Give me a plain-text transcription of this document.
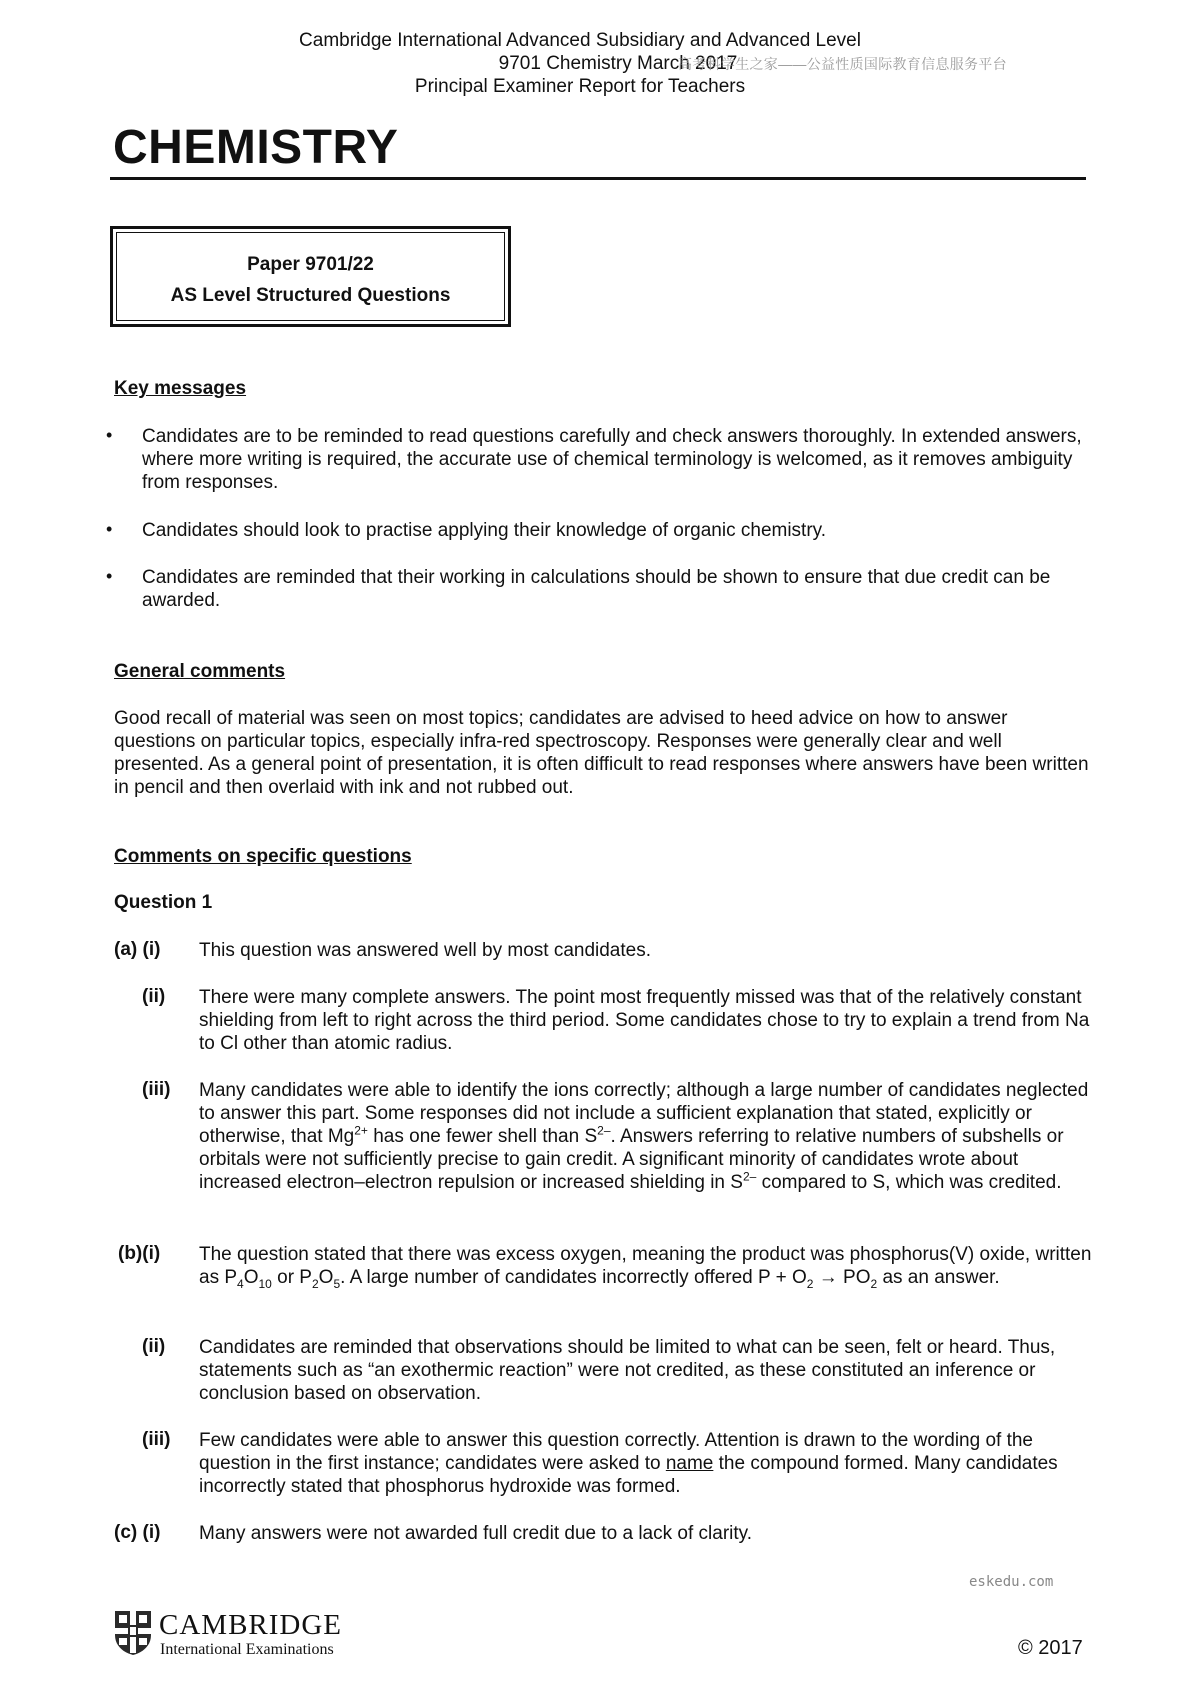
Cambridge International Advanced Subsidiary and Advanced Level
9701 Chemistry March 2017
Principal Examiner Report for Teachers
高考科学生之家——公益性质国际教育信息服务平台
CHEMISTRY
Paper 9701/22
AS Level Structured Questions
Key messages
• Candidates are to be reminded to read questions carefully and check answers thoroughly. In extended answers, where more writing is required, the accurate use of chemical terminology is welcomed, as it removes ambiguity from responses.
• Candidates should look to practise applying their knowledge of organic chemistry.
• Candidates are reminded that their working in calculations should be shown to ensure that due credit can be awarded.
General comments
Good recall of material was seen on most topics; candidates are advised to heed advice on how to answer questions on particular topics, especially infra-red spectroscopy. Responses were generally clear and well presented. As a general point of presentation, it is often difficult to read responses where answers have been written in pencil and then overlaid with ink and not rubbed out.
Comments on specific questions
Question 1
(a) (i) This question was answered well by most candidates.
(ii) There were many complete answers. The point most frequently missed was that of the relatively constant shielding from left to right across the third period. Some candidates chose to try to explain a trend from Na to Cl other than atomic radius.
(iii) Many candidates were able to identify the ions correctly; although a large number of candidates neglected to answer this part. Some responses did not include a sufficient explanation that stated, explicitly or otherwise, that $Mg^{2+}$ has one fewer shell than $S^{2-}$. Answers referring to relative numbers of subshells or orbitals were not sufficiently precise to gain credit. A significant minority of candidates wrote about increased electron–electron repulsion or increased shielding in $S^{2-}$ compared to S, which was credited.
(b)(i) The question stated that there was excess oxygen, meaning the product was phosphorus(V) oxide, written as $P_4O_{10}$ or $P_2O_5$. A large number of candidates incorrectly offered $P + O_2 \to PO_2$ as an answer.
(ii) Candidates are reminded that observations should be limited to what can be seen, felt or heard. Thus, statements such as “an exothermic reaction” were not credited, as these constituted an inference or conclusion based on observation.
(iii) Few candidates were able to answer this question correctly. Attention is drawn to the wording of the question in the first instance; candidates were asked to name the compound formed. Many candidates incorrectly stated that phosphorus hydroxide was formed.
(c) (i) Many answers were not awarded full credit due to a lack of clarity.
eskedu.com
CAMBRIDGE
International Examinations	© 2017
